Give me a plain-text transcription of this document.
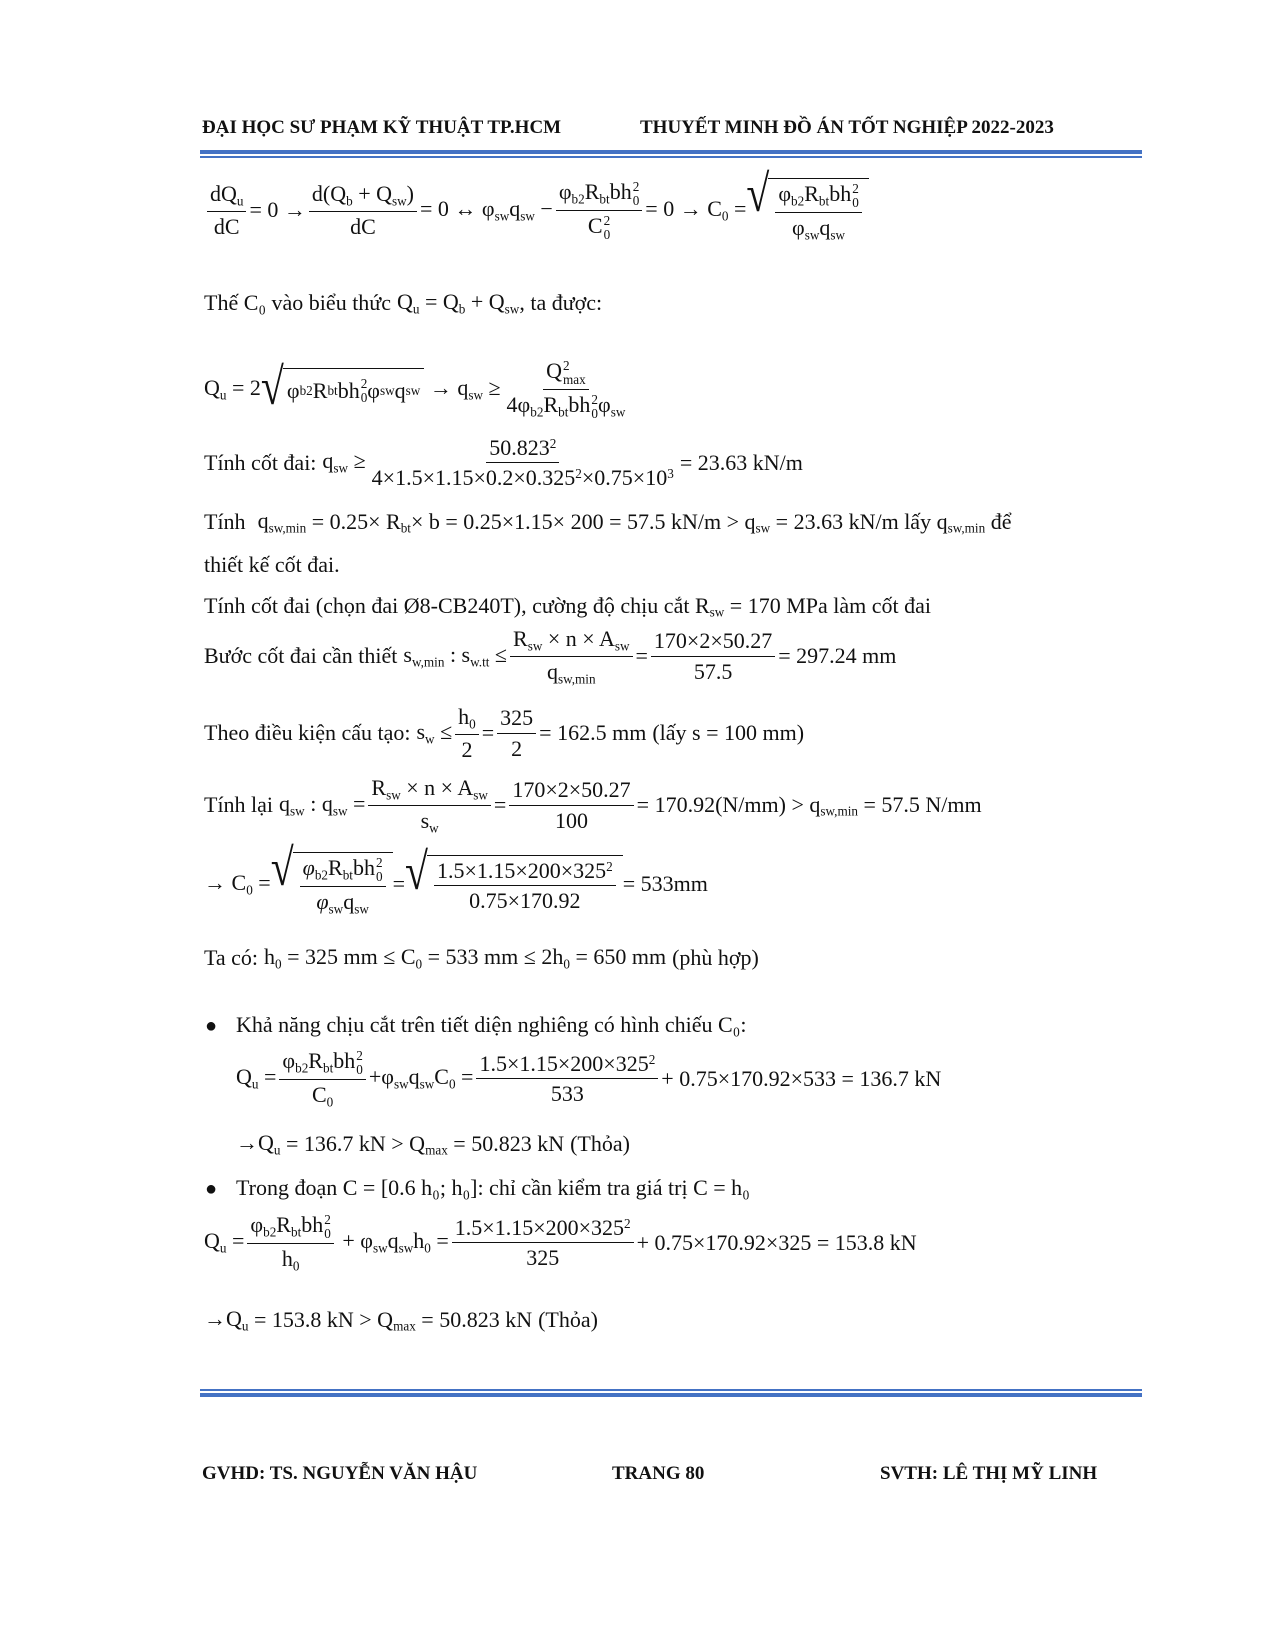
ĐẠI HỌC SƯ PHẠM KỸ THUẬT TP.HCM	THUYẾT MINH ĐỒ ÁN TỐT NGHIỆP 2022-2023
$\frac{dQ_u}{dC} = 0 \to \frac{d(Q_b + Q_{sw})}{dC} = 0$ ↔ $\varphi_{sw}q_{sw} - \varphi_{b2}R_{bt}bh$ 2
0
C 2
$0 = 0 \to C_0$ = √ $\varphi_{b2}R_{bt}bh$ 2
0
$\varphi_{sw}q_{sw}$
Thế C₀ vào biểu thức $Q_u = Q_b + Q_{sw}$ , ta được:
$Q_u = 2$ √ φ b2 R bt bh 2
0 φ sw q sw → $q_{sw} \ge Q$ 2
max
$4\varphi_{b2}R_{bt}bh$ 2
0 $\varphi_{sw}$
Tính cốt đai: $q_{sw} \ge \frac{50.823^2}{4\times 1.5\times 1.15\times 0.2\times 0.325^2\times 0.75\times 10^3} = 23.63$ kN/m
Tính $q_{sw,min} = 0.25\times R$ $_{bt}$ × b = 0.25×1.15× 200 = 57.5 kN/m > q $_{sw}$ = 23.63 kN/m lấy q $_{sw,min}$ để
thiết kế cốt đai.
Tính cốt đai (chọn đai Ø8-CB240T), cường độ chịu cắt R $_{sw}$ = 170 MPa làm cốt đai
Bước cốt đai cần thiết $s_{w,min}$ : $s_{w.tt} \le \frac{R_{sw} \times n \times A_{sw}}{q_{sw,min}} = \frac{170\times 2\times 50.27}{57.5} = 297.24$ mm
Theo điều kiện cấu tạo: $s_w \le \frac{h_0}{2} = \frac{325}{2} = 162.5$ mm (lấy s = 100 mm)
Tính lại $q_{sw}$ : $q_{sw} = \frac{R_{sw} \times n \times A_{sw}}{s_w} = \frac{170\times 2\times 50.27}{100} = 170.92(N/mm) > q$ $_{sw,min}$ = 57.5 N/mm
→ $C_0$ = √ $\varphi_{b2}R_{bt}bh$ 2
0
$\varphi_{sw}q_{sw}$ = √ $\frac{1.5\times 1.15\times 200\times 325^2}{0.75\times 170.92} = 533mm$
Ta có: $h_0 = 325$ mm ≤ $C_0 = 533$ mm ≤ $2h_0 = 650$ mm (phù hợp)
● Khả năng chịu cắt trên tiết diện nghiêng có hình chiếu C₀:
$Q_u = \varphi_{b2}R_{bt}bh$ 2
0
$C_0 +\varphi_{sw}q_{sw}C_0 = \frac{1.5\times 1.15\times 200\times 325^2}{533} + 0.75\times 170.92\times 533 = 136.7$ kN
$\to Q_u = 136.7$ kN > Q $_{max}$ = 50.823 kN (Thỏa)
● Trong đoạn C = [0.6 h₀; h₀]: chỉ cần kiểm tra giá trị C = h₀
$Q_u = \varphi_{b2}R_{bt}bh$ 2
0
$h_0 + \varphi_{sw}q_{sw}h_0 = \frac{1.5\times 1.15\times 200\times 325^2}{325} + 0.75\times 170.92\times 325 = 153.8$ kN
$\to Q_u = 153.8$ kN > Q $_{max}$ = 50.823 kN (Thỏa)
GVHD: TS. NGUYỄN VĂN HẬU	TRANG 80	SVTH: LÊ THỊ MỸ LINH
